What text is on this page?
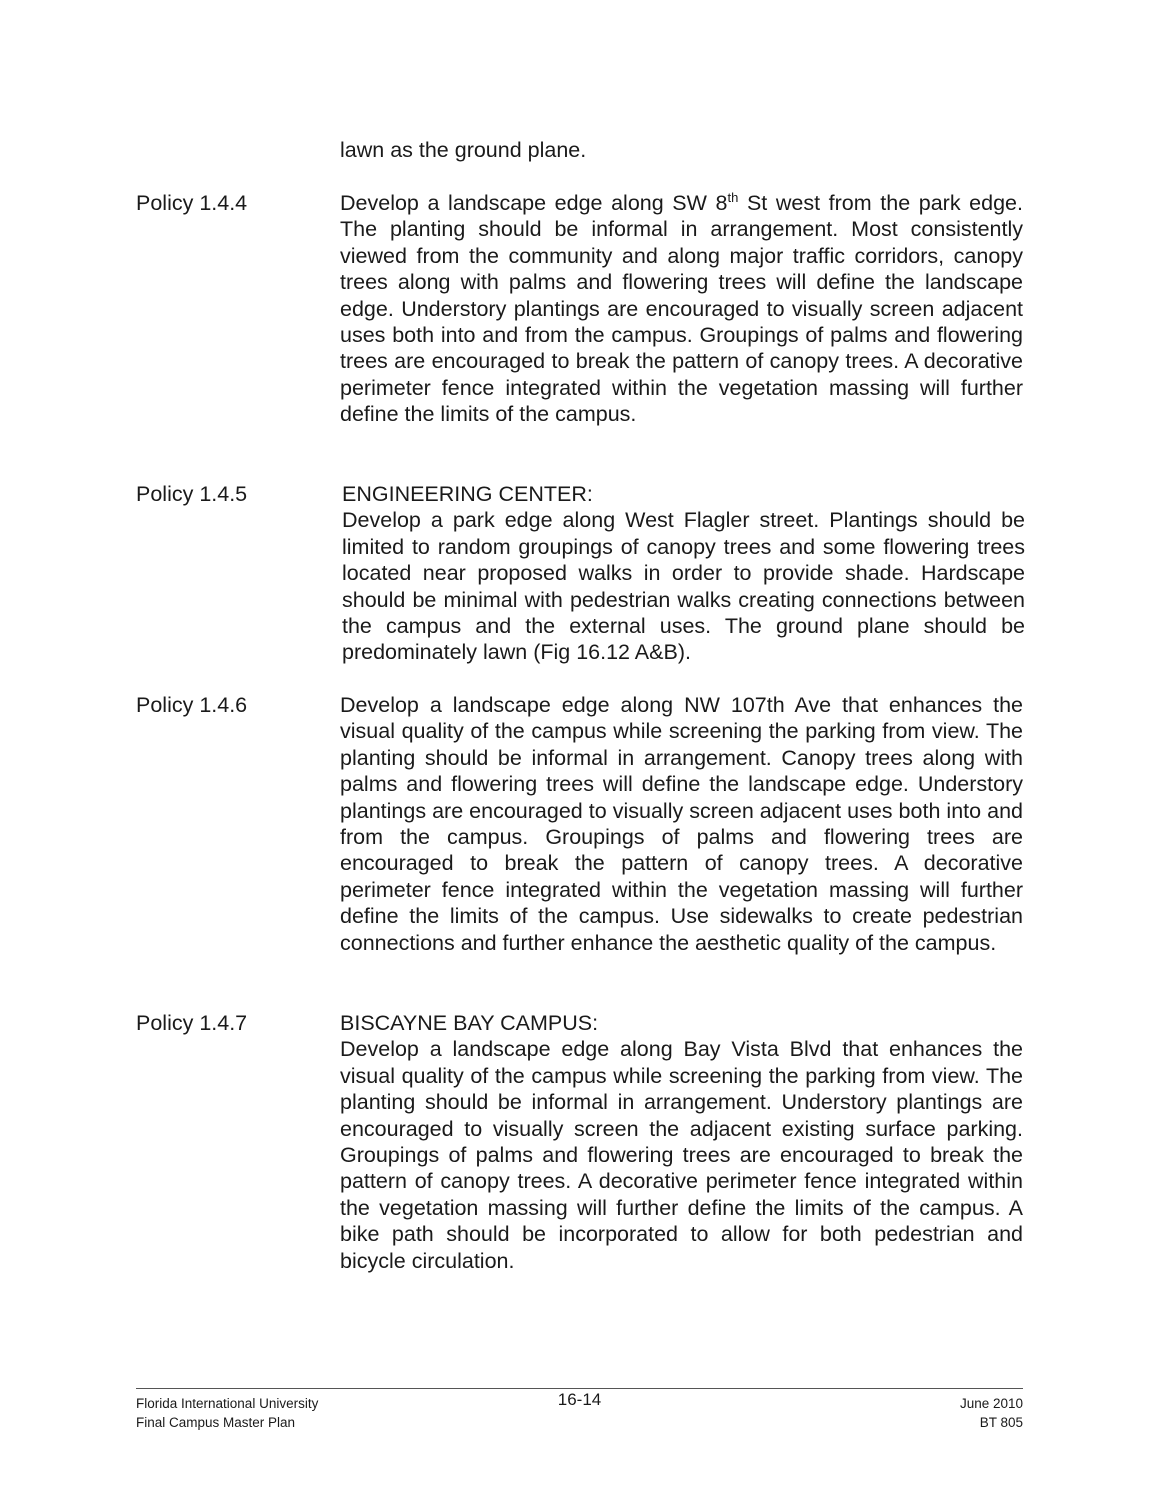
lawn as the ground plane.
Policy 1.4.4	Develop a landscape edge along SW 8th St west from the park edge. The planting should be informal in arrangement. Most consistently viewed from the community and along major traffic corridors, canopy trees along with palms and flowering trees will define the landscape edge. Understory plantings are encouraged to visually screen adjacent uses both into and from the campus. Groupings of palms and flowering trees are encouraged to break the pattern of canopy trees. A decorative perimeter fence integrated within the vegetation massing will further define the limits of the campus.
Policy 1.4.5	ENGINEERING CENTER:
Develop a park edge along West Flagler street. Plantings should be limited to random groupings of canopy trees and some flowering trees located near proposed walks in order to provide shade. Hardscape should be minimal with pedestrian walks creating connections between the campus and the external uses. The ground plane should be predominately lawn (Fig 16.12 A&B).
Policy 1.4.6	Develop a landscape edge along NW 107th Ave that enhances the visual quality of the campus while screening the parking from view. The planting should be informal in arrangement. Canopy trees along with palms and flowering trees will define the landscape edge. Understory plantings are encouraged to visually screen adjacent uses both into and from the campus. Groupings of palms and flowering trees are encouraged to break the pattern of canopy trees. A decorative perimeter fence integrated within the vegetation massing will further define the limits of the campus. Use sidewalks to create pedestrian connections and further enhance the aesthetic quality of the campus.
Policy 1.4.7	BISCAYNE BAY CAMPUS:
Develop a landscape edge along Bay Vista Blvd that enhances the visual quality of the campus while screening the parking from view. The planting should be informal in arrangement. Understory plantings are encouraged to visually screen the adjacent existing surface parking. Groupings of palms and flowering trees are encouraged to break the pattern of canopy trees. A decorative perimeter fence integrated within the vegetation massing will further define the limits of the campus. A bike path should be incorporated to allow for both pedestrian and bicycle circulation.
Florida International University
Final Campus Master Plan
16-14	June 2010
BT 805
